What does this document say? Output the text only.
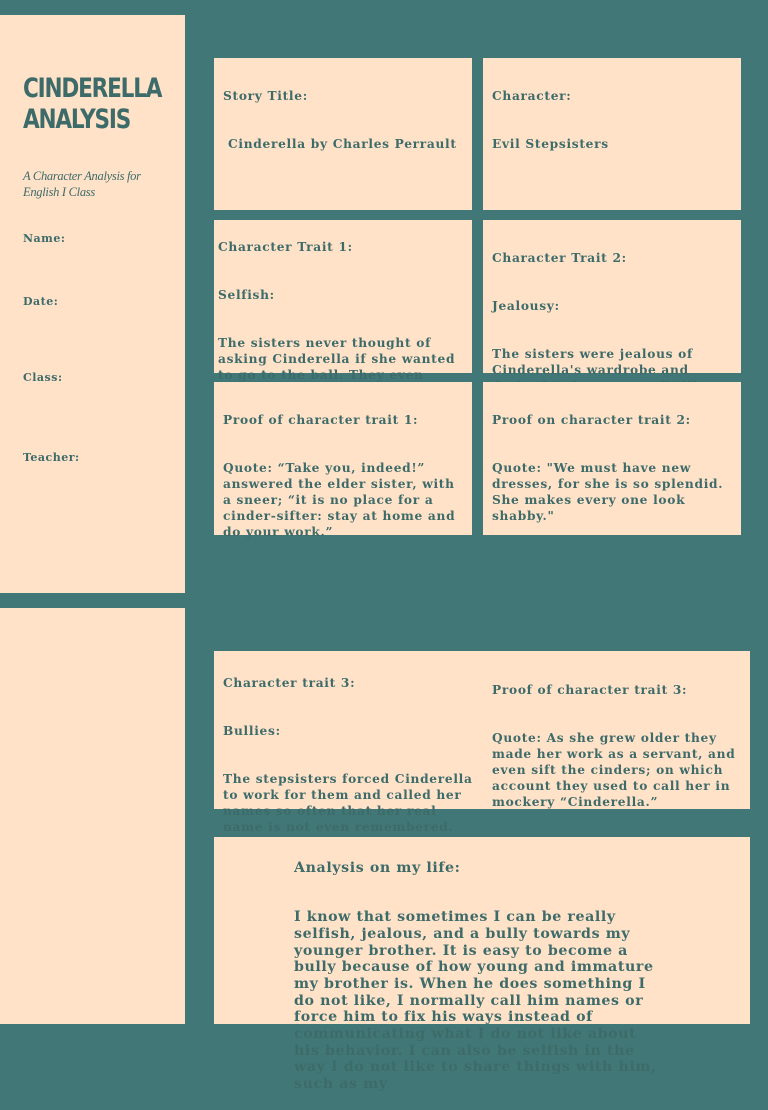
CINDERELLA
ANALYSIS
A Character Analysis for English I Class
Name:
Date:
Class:
Teacher:

Story Title:

Cinderella by Charles Perrault

Character:

Evil Stepsisters

Character Trait 1:

Selfish:

The sisters never thought of asking Cinderella if she wanted to go to the ball. They even

Character Trait 2:

Jealousy:

The sisters were jealous of Cinderella's wardrobe and

Proof of character trait 1:

Quote: “Take you, indeed!” answered the elder sister, with a sneer; “it is no place for a cinder-sifter: stay at home and do your work.”

Proof on character trait 2:

Quote: "We must have new dresses, for she is so splendid. She makes every one look shabby."

Character trait 3:

Bullies:

The stepsisters forced Cinderella to work for them and called her names so often that her real name is not even remembered.

Proof of character trait 3:

Quote: As she grew older they made her work as a servant, and even sift the cinders; on which account they used to call her in mockery “Cinderella.”

Analysis on my life:

I know that sometimes I can be really selfish, jealous, and a bully towards my younger brother. It is easy to become a bully because of how young and immature my brother is. When he does something I do not like, I normally call him names or force him to fix his ways instead of communicating what I do not like about his behavior. I can also be selfish in the way I do not like to share things with him, such as my
